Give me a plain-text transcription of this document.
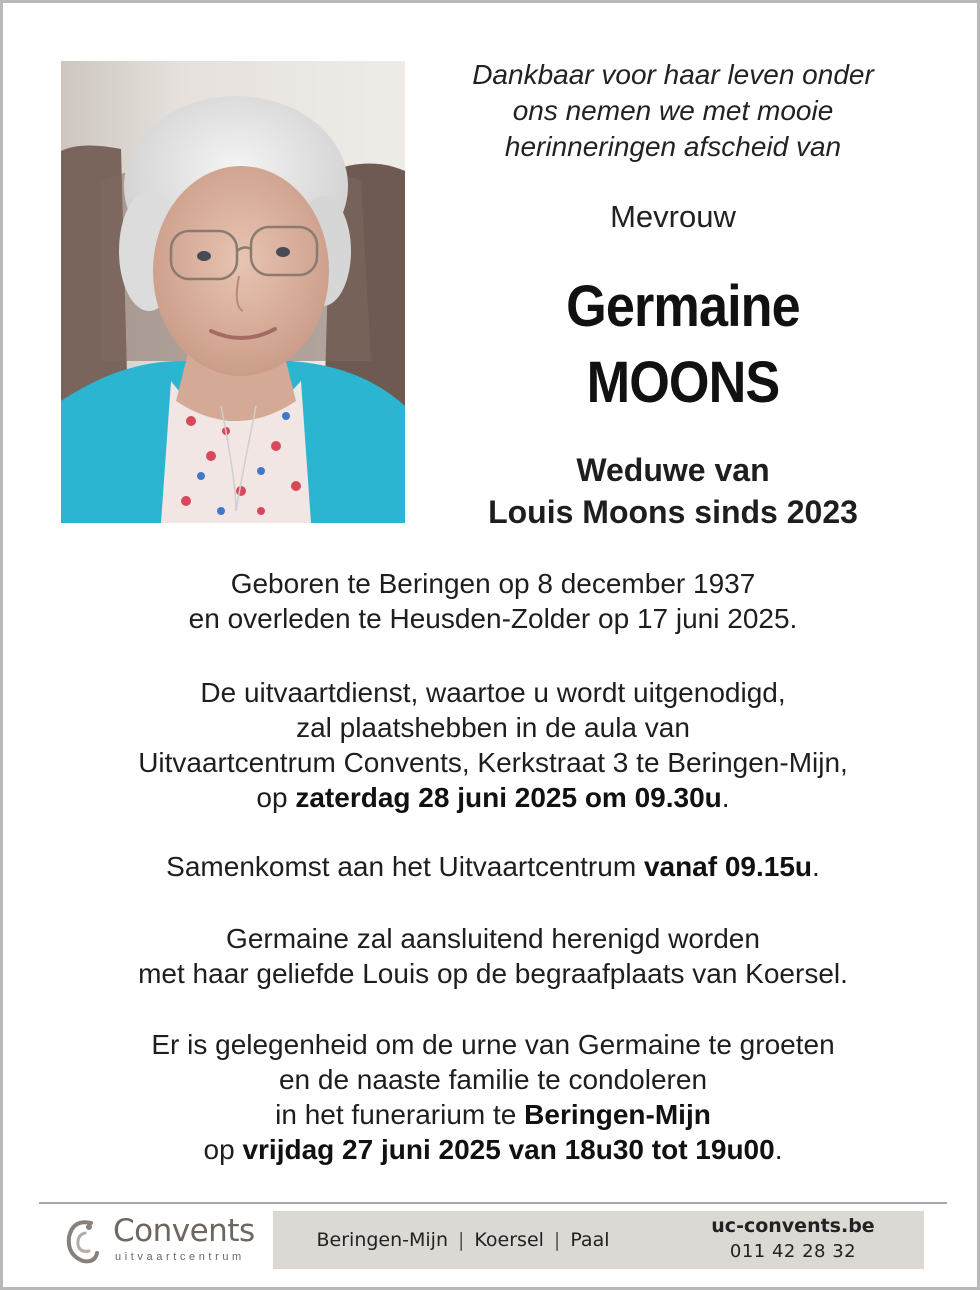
Dankbaar voor haar leven onder
ons nemen we met mooie
herinneringen afscheid van
Mevrouw
Germaine
MOONS
Weduwe van
Louis Moons sinds 2023
Geboren te Beringen op 8 december 1937
en overleden te Heusden-Zolder op 17 juni 2025.
De uitvaartdienst, waartoe u wordt uitgenodigd,
zal plaatshebben in de aula van
Uitvaartcentrum Convents, Kerkstraat 3 te Beringen-Mijn,
op zaterdag 28 juni 2025 om 09.30u.
Samenkomst aan het Uitvaartcentrum vanaf 09.15u.
Germaine zal aansluitend herenigd worden
met haar geliefde Louis op de begraafplaats van Koersel.
Er is gelegenheid om de urne van Germaine te groeten
en de naaste familie te condoleren
in het funerarium te Beringen-Mijn
op vrijdag 27 juni 2025 van 18u30 tot 19u00.
Convents
uitvaartcentrum
Beringen-Mijn | Koersel | Paal
uc-convents.be
011 42 28 32
